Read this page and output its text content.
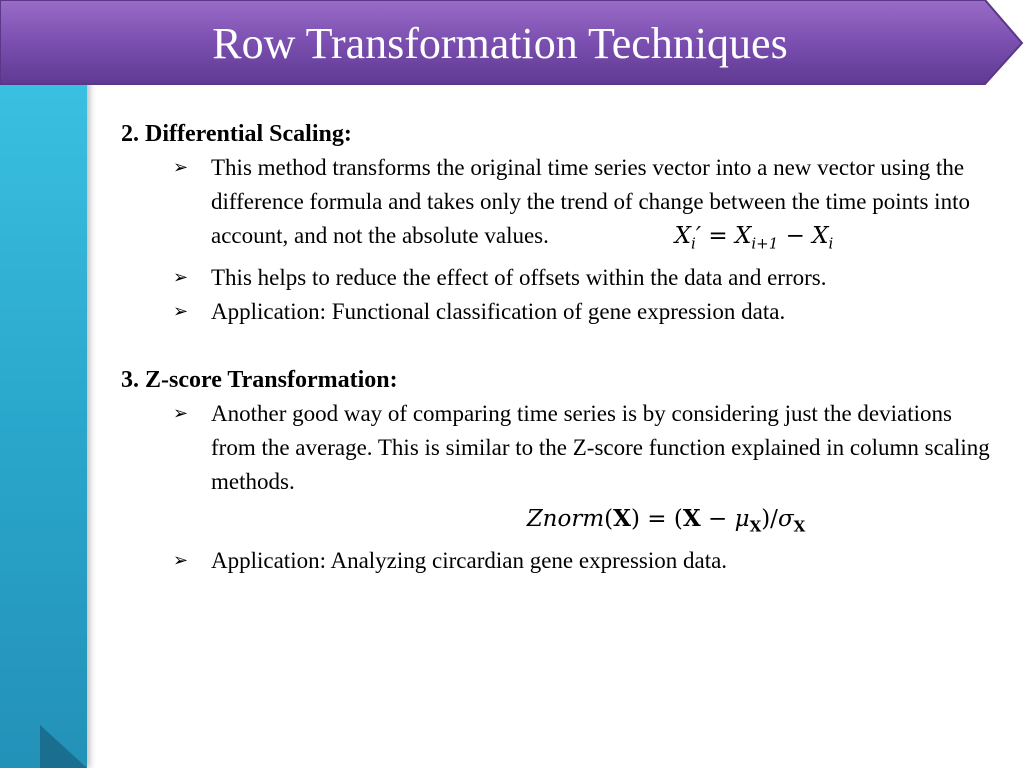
Row Transformation Techniques

2. Differential Scaling:

➢ This method transforms the original time series vector into a new vector using the difference formula and takes only the trend of change between the time points into account, and not the absolute values.	$X_i' = X_{i+1} - X_i$
➢ This helps to reduce the effect of offsets within the data and errors.
➢ Application: Functional classification of gene expression data.

3. Z-score Transformation:

➢ Another good way of comparing time series is by considering just the deviations from the average. This is similar to the Z-score function explained in column scaling methods.
Znorm(X) = $(X - \mu_X)/\sigma_X$
➢ Application: Analyzing circardian gene expression data.
